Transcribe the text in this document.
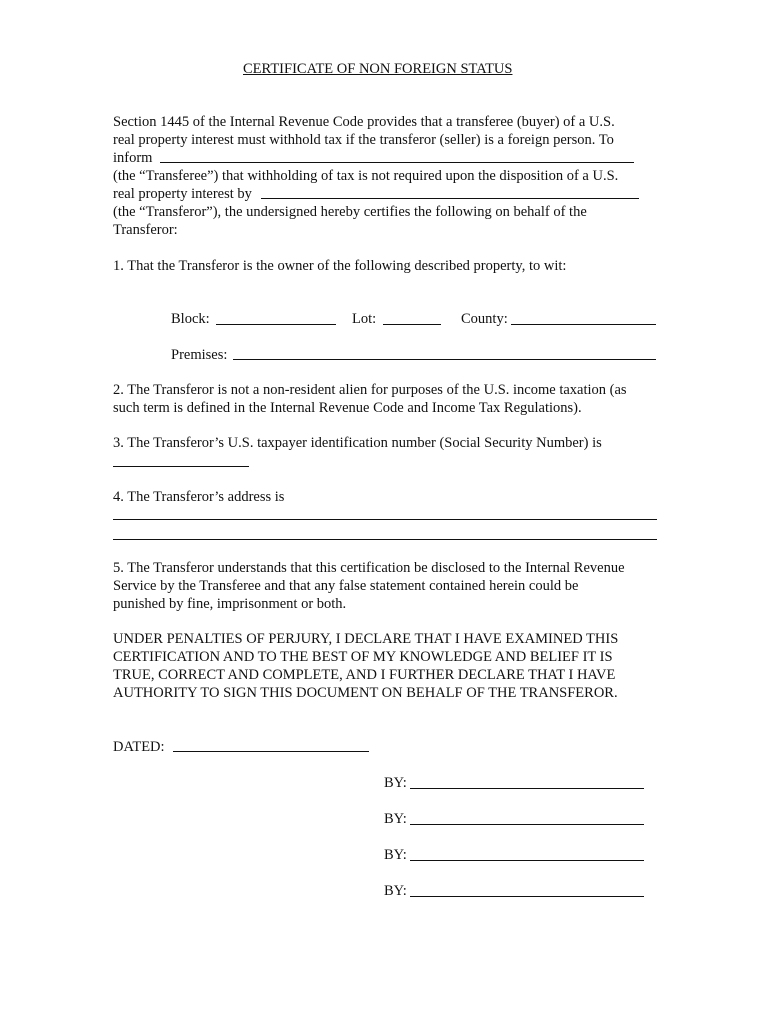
CERTIFICATE OF NON FOREIGN STATUS
Section 1445 of the Internal Revenue Code provides that a transferee (buyer) of a U.S.
real property interest must withhold tax if the transferor (seller) is a foreign person. To
inform
(the “Transferee”) that withholding of tax is not required upon the disposition of a U.S.
real property interest by
(the “Transferor”), the undersigned hereby certifies the following on behalf of the
Transferor:
1. That the Transferor is the owner of the following described property, to wit:
Block:	Lot:	County:
Premises:
2. The Transferor is not a non-resident alien for purposes of the U.S. income taxation (as
such term is defined in the Internal Revenue Code and Income Tax Regulations).
3. The Transferor’s U.S. taxpayer identification number (Social Security Number) is
4. The Transferor’s address is
5. The Transferor understands that this certification be disclosed to the Internal Revenue
Service by the Transferee and that any false statement contained herein could be
punished by fine, imprisonment or both.
UNDER PENALTIES OF PERJURY, I DECLARE THAT I HAVE EXAMINED THIS
CERTIFICATION AND TO THE BEST OF MY KNOWLEDGE AND BELIEF IT IS
TRUE, CORRECT AND COMPLETE, AND I FURTHER DECLARE THAT I HAVE
AUTHORITY TO SIGN THIS DOCUMENT ON BEHALF OF THE TRANSFEROR.
DATED:
BY:
BY:
BY:
BY:
